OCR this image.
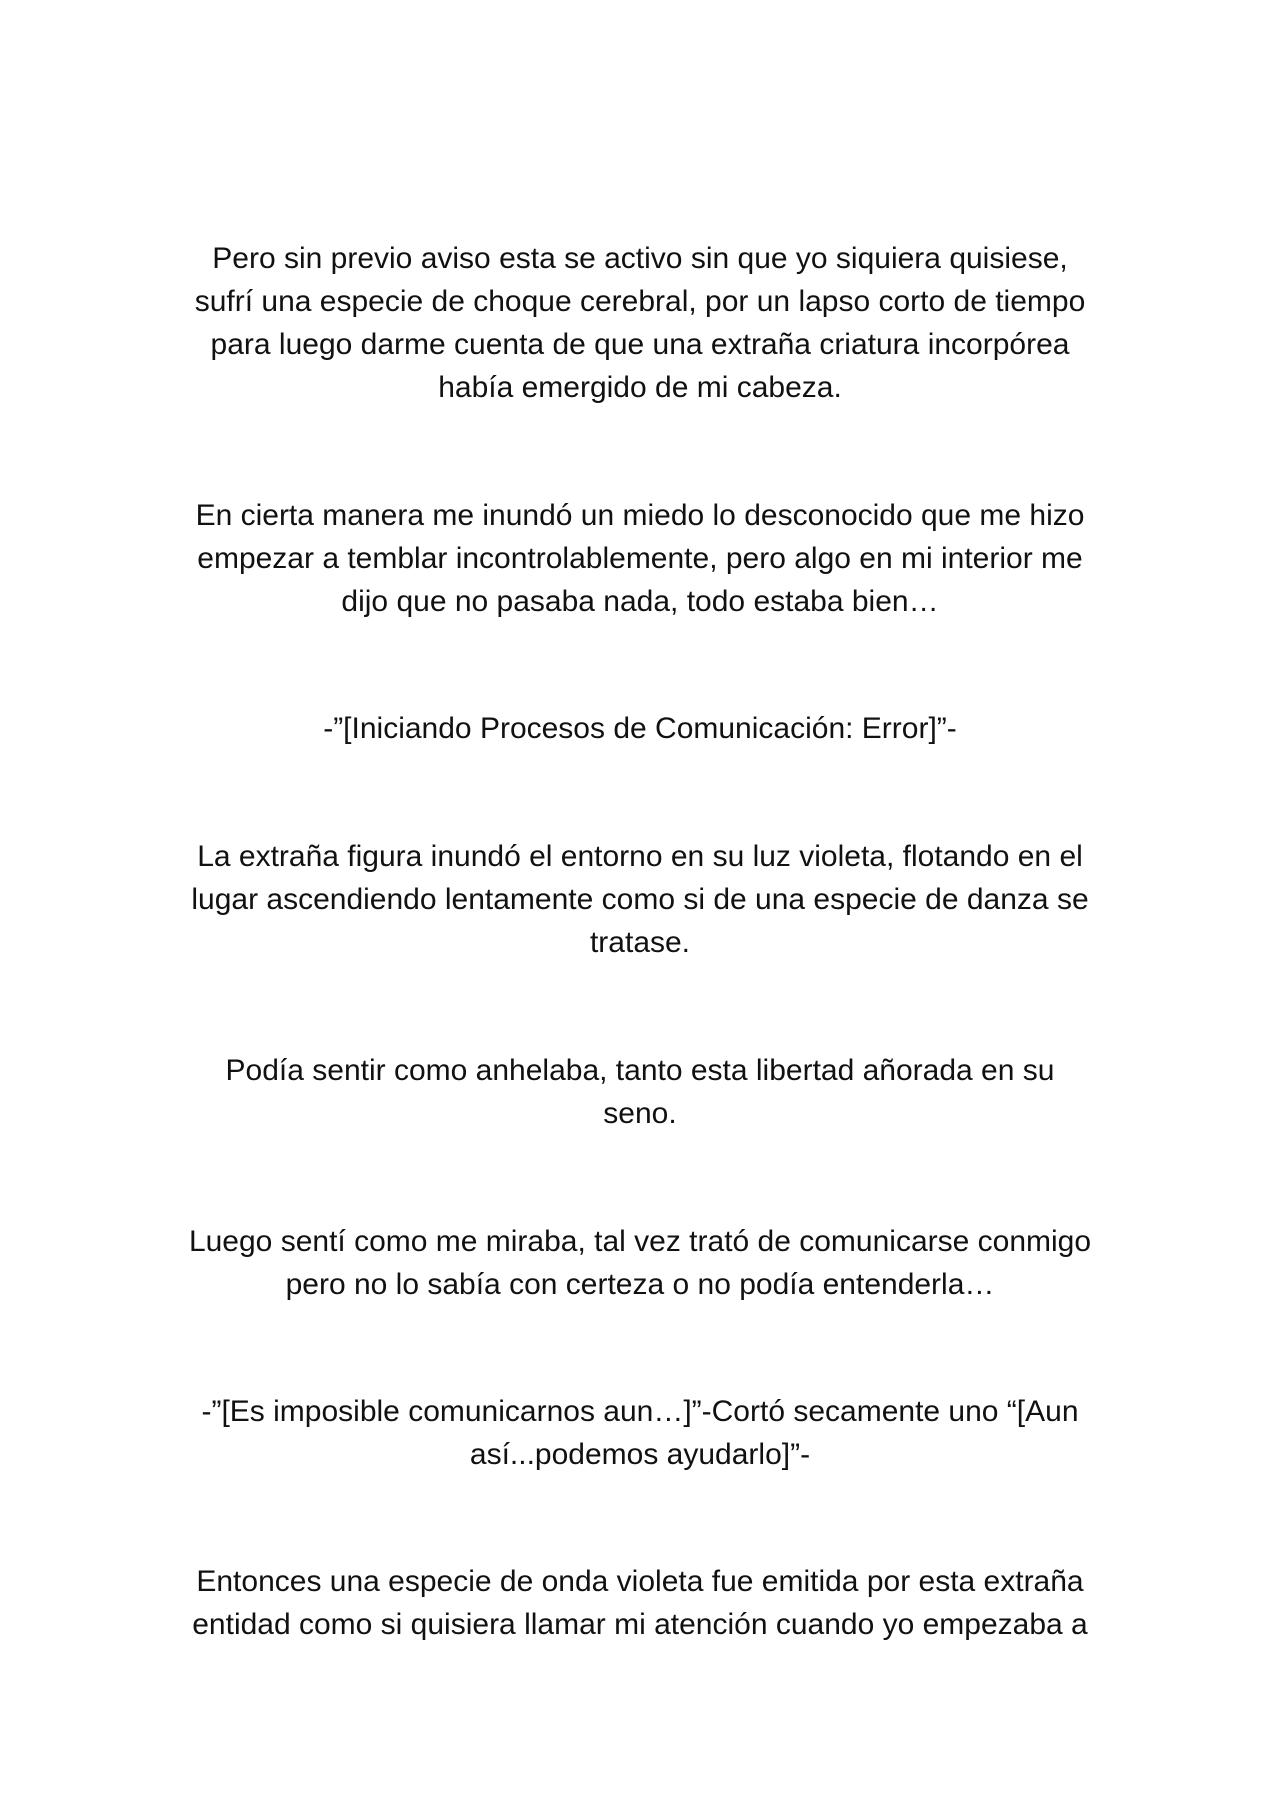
Pero sin previo aviso esta se activo sin que yo siquiera quisiese,
sufrí una especie de choque cerebral, por un lapso corto de tiempo
para luego darme cuenta de que una extraña criatura incorpórea
había emergido de mi cabeza.

En cierta manera me inundó un miedo lo desconocido que me hizo
empezar a temblar incontrolablemente, pero algo en mi interior me
dijo que no pasaba nada, todo estaba bien…

-”[Iniciando Procesos de Comunicación: Error]”-

La extraña figura inundó el entorno en su luz violeta, flotando en el
lugar ascendiendo lentamente como si de una especie de danza se
tratase.

Podía sentir como anhelaba, tanto esta libertad añorada en su
seno.

Luego sentí como me miraba, tal vez trató de comunicarse conmigo
pero no lo sabía con certeza o no podía entenderla…

-”[Es imposible comunicarnos aun…]”-Cortó secamente uno “[Aun
así...podemos ayudarlo]”-

Entonces una especie de onda violeta fue emitida por esta extraña
entidad como si quisiera llamar mi atención cuando yo empezaba a
